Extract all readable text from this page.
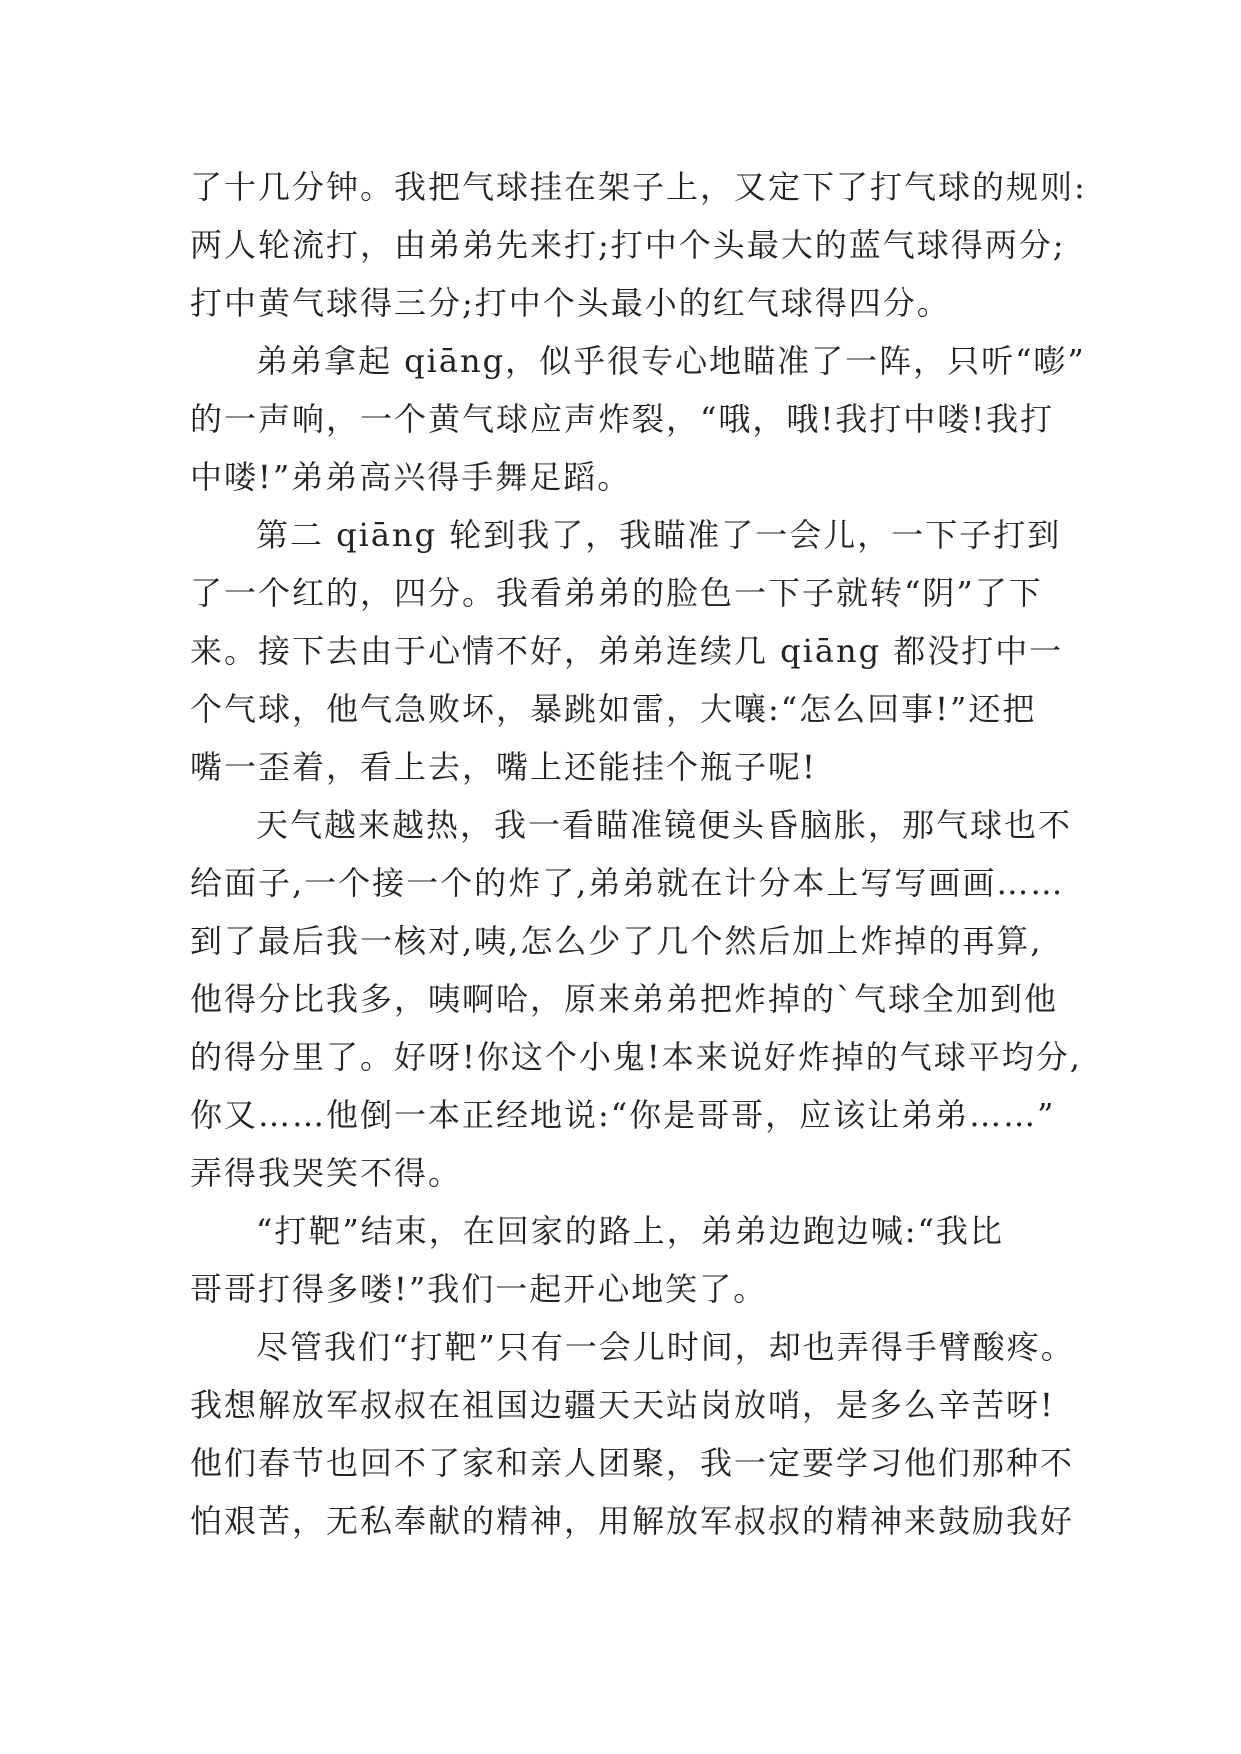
了十几分钟。我把气球挂在架子上，又定下了打气球的规则:
两人轮流打，由弟弟先来打;打中个头最大的蓝气球得两分;
打中黄气球得三分;打中个头最小的红气球得四分。
弟弟拿起 qiāng，似乎很专心地瞄准了一阵，只听“嘭”
的一声响，一个黄气球应声炸裂，“哦，哦!我打中喽!我打
中喽!”弟弟高兴得手舞足蹈。
第二 qiāng 轮到我了，我瞄准了一会儿，一下子打到
了一个红的，四分。我看弟弟的脸色一下子就转“阴”了下
来。接下去由于心情不好，弟弟连续几 qiāng 都没打中一
个气球，他气急败坏，暴跳如雷，大嚷:“怎么回事!”还把
嘴一歪着，看上去，嘴上还能挂个瓶子呢!
天气越来越热，我一看瞄准镜便头昏脑胀，那气球也不
给面子,一个接一个的炸了,弟弟就在计分本上写写画画……
到了最后我一核对,咦,怎么少了几个然后加上炸掉的再算,
他得分比我多，咦啊哈，原来弟弟把炸掉的`气球全加到他
的得分里了。好呀!你这个小鬼!本来说好炸掉的气球平均分,
你又……他倒一本正经地说:“你是哥哥，应该让弟弟……”
弄得我哭笑不得。
“打靶”结束，在回家的路上，弟弟边跑边喊:“我比
哥哥打得多喽!”我们一起开心地笑了。
尽管我们“打靶”只有一会儿时间，却也弄得手臂酸疼。
我想解放军叔叔在祖国边疆天天站岗放哨，是多么辛苦呀!
他们春节也回不了家和亲人团聚，我一定要学习他们那种不
怕艰苦，无私奉献的精神，用解放军叔叔的精神来鼓励我好
